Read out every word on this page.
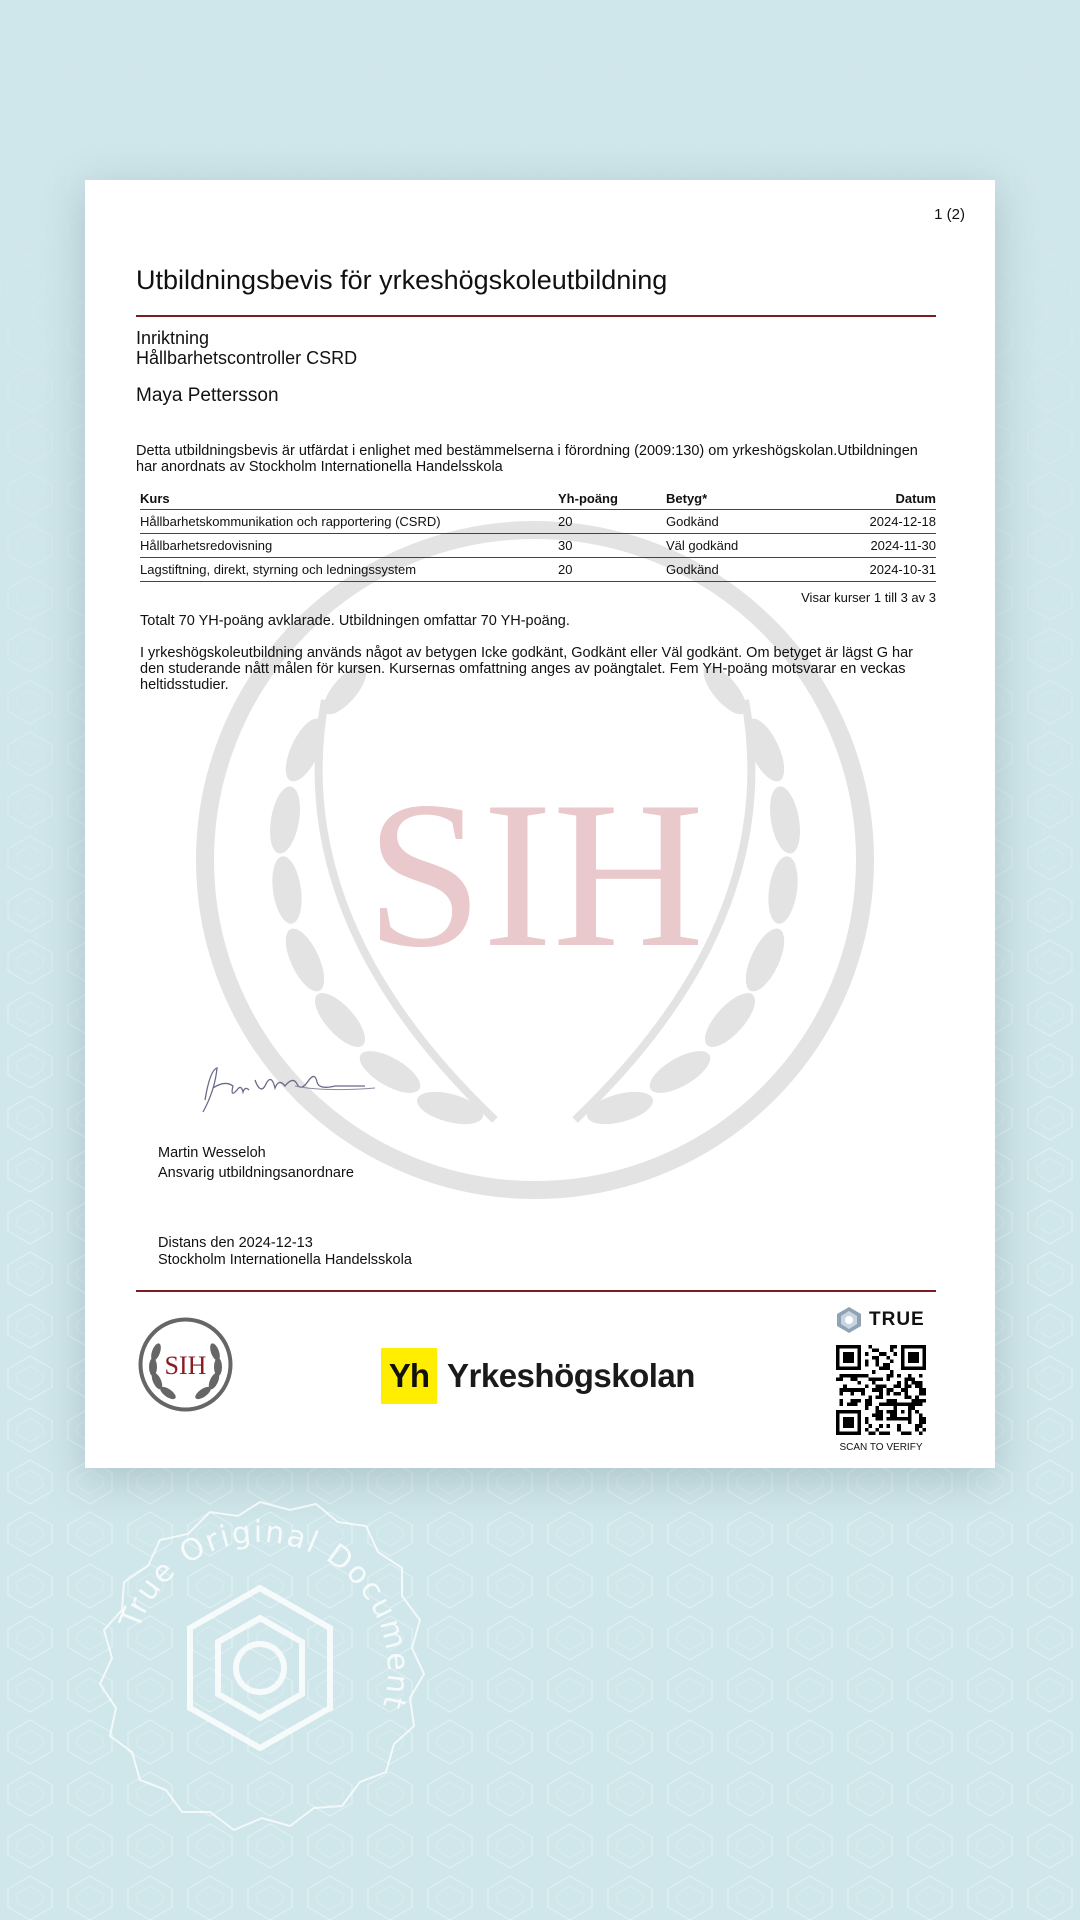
SIH
1 (2)
Utbildningsbevis för yrkeshögskoleutbildning
Inriktning
Hållbarhetscontroller CSRD
Maya Pettersson
Detta utbildningsbevis är utfärdat i enlighet med bestämmelserna i förordning (2009:130) om yrkeshögskolan.Utbildningen har anordnats av Stockholm Internationella Handelsskola
Kurs	Yh-poäng	Betyg*	Datum
Hållbarhetskommunikation och rapportering (CSRD)	20	Godkänd	2024-12-18
Hållbarhetsredovisning	30	Väl godkänd	2024-11-30
Lagstiftning, direkt, styrning och ledningssystem	20	Godkänd	2024-10-31
Visar kurser 1 till 3 av 3
Totalt 70 YH-poäng avklarade. Utbildningen omfattar 70 YH-poäng.
I yrkeshögskoleutbildning används något av betygen Icke godkänt, Godkänt eller Väl godkänt. Om betyget är lägst G har den studerande nått målen för kursen. Kursernas omfattning anges av poängtalet. Fem YH-poäng motsvarar en veckas heltidsstudier.
Martin Wesseloh
Ansvarig utbildningsanordnare
Distans den 2024-12-13
Stockholm Internationella Handelsskola
SIH	Yh Yrkeshögskolan
TRUE
SCAN TO VERIFY
True Original Document
